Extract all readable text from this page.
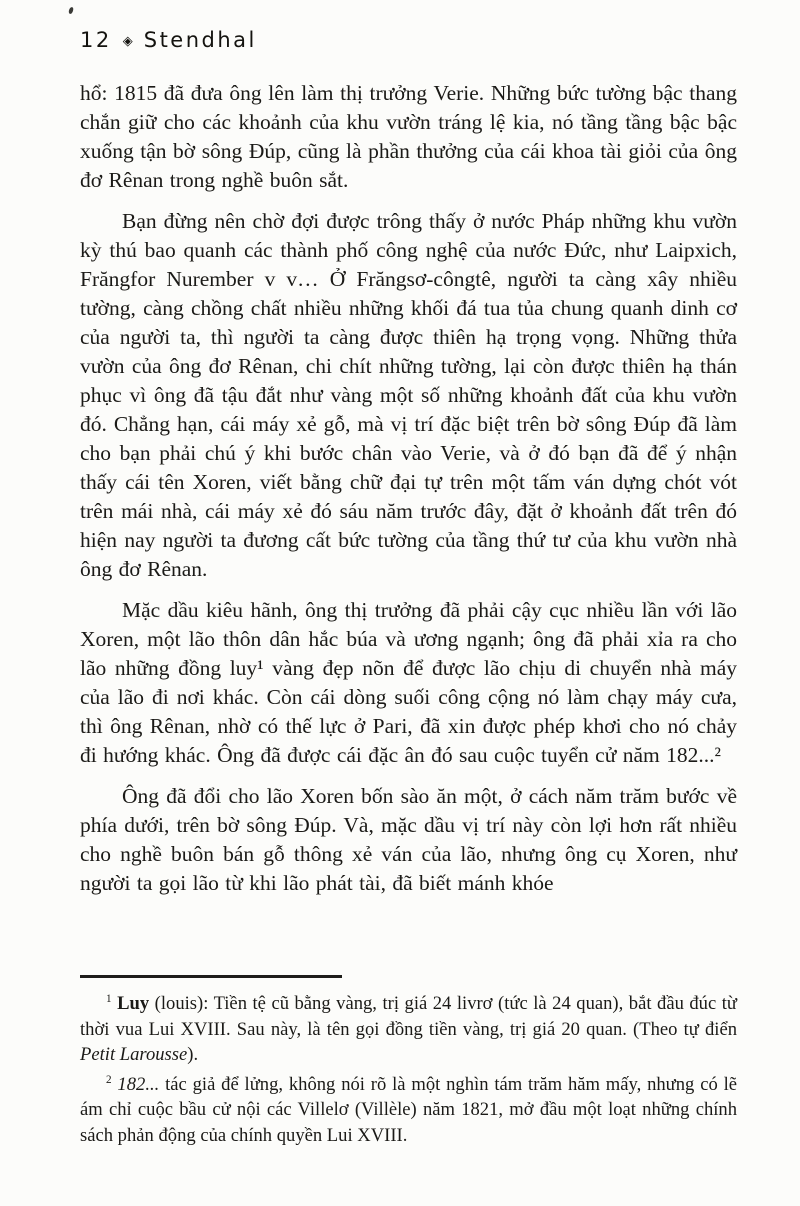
12 ◈ Stendhal

hổ: 1815 đã đưa ông lên làm thị trưởng Verie. Những bức tường bậc thang chắn giữ cho các khoảnh của khu vườn tráng lệ kia, nó tầng tầng bậc bậc xuống tận bờ sông Đúp, cũng là phần thưởng của cái khoa tài giỏi của ông đơ Rênan trong nghề buôn sắt.

Bạn đừng nên chờ đợi được trông thấy ở nước Pháp những khu vườn kỳ thú bao quanh các thành phố công nghệ của nước Đức, như Laipxich, Frăngfor Nurember v v… Ở Frăngsơ-côngtê, người ta càng xây nhiều tường, càng chồng chất nhiều những khối đá tua tủa chung quanh dinh cơ của người ta, thì người ta càng được thiên hạ trọng vọng. Những thửa vườn của ông đơ Rênan, chi chít những tường, lại còn được thiên hạ thán phục vì ông đã tậu đắt như vàng một số những khoảnh đất của khu vườn đó. Chẳng hạn, cái máy xẻ gỗ, mà vị trí đặc biệt trên bờ sông Đúp đã làm cho bạn phải chú ý khi bước chân vào Verie, và ở đó bạn đã để ý nhận thấy cái tên Xoren, viết bằng chữ đại tự trên một tấm ván dựng chót vót trên mái nhà, cái máy xẻ đó sáu năm trước đây, đặt ở khoảnh đất trên đó hiện nay người ta đương cất bức tường của tầng thứ tư của khu vườn nhà ông đơ Rênan.

Mặc dầu kiêu hãnh, ông thị trưởng đã phải cậy cục nhiều lần với lão Xoren, một lão thôn dân hắc búa và ương ngạnh; ông đã phải xỉa ra cho lão những đồng luy¹ vàng đẹp nõn để được lão chịu di chuyển nhà máy của lão đi nơi khác. Còn cái dòng suối công cộng nó làm chạy máy cưa, thì ông Rênan, nhờ có thế lực ở Pari, đã xin được phép khơi cho nó chảy đi hướng khác. Ông đã được cái đặc ân đó sau cuộc tuyển cử năm 182...²

Ông đã đổi cho lão Xoren bốn sào ăn một, ở cách năm trăm bước về phía dưới, trên bờ sông Đúp. Và, mặc dầu vị trí này còn lợi hơn rất nhiều cho nghề buôn bán gỗ thông xẻ ván của lão, nhưng ông cụ Xoren, như người ta gọi lão từ khi lão phát tài, đã biết mánh khóe

$^1$ Luy (louis): Tiền tệ cũ bằng vàng, trị giá 24 livrơ (tức là 24 quan), bắt đầu đúc từ thời vua Lui XVIII. Sau này, là tên gọi đồng tiền vàng, trị giá 20 quan. (Theo tự điển Petit Larousse).

$^2$ 182... tác giả để lửng, không nói rõ là một nghìn tám trăm hăm mấy, nhưng có lẽ ám chỉ cuộc bầu cử nội các Villelơ (Villèle) năm 1821, mở đầu một loạt những chính sách phản động của chính quyền Lui XVIII.
